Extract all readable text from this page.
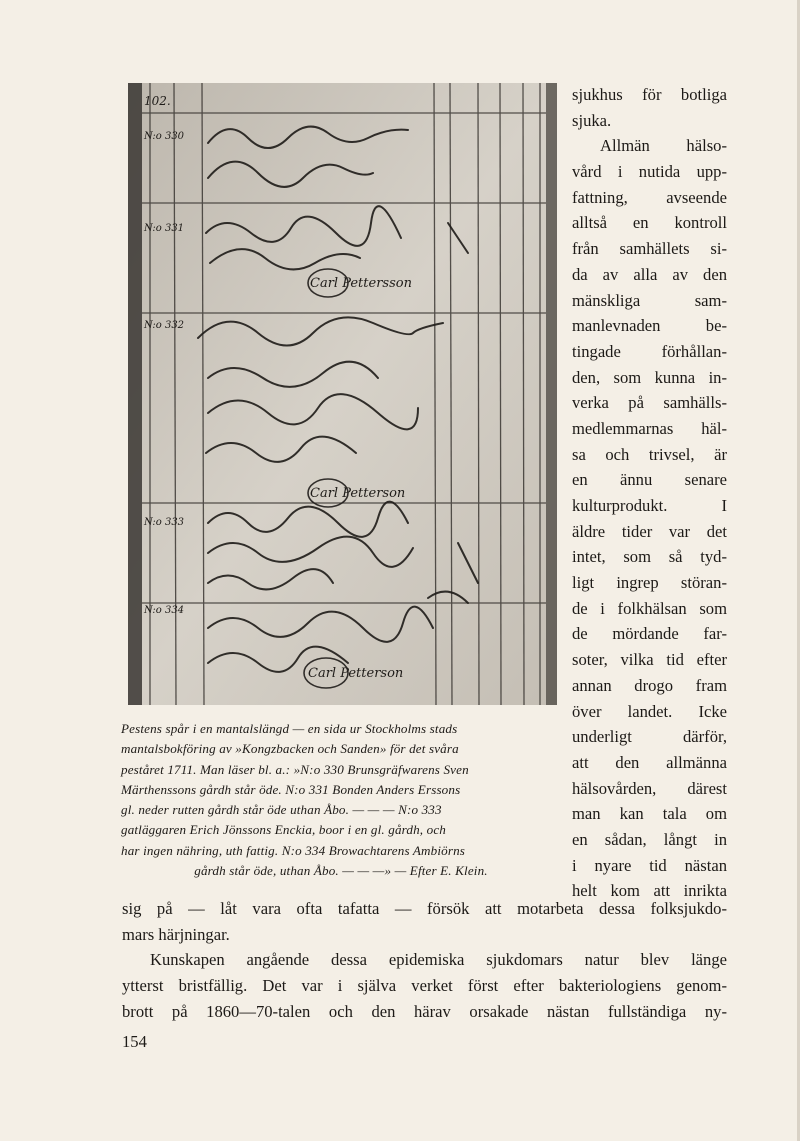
102.
N:o 330
N:o 331
N:o 332
N:o 333
N:o 334
Carl Pettersson
Carl Petterson
Carl Petterson
Pestens spår i en mantalslängd — en sida ur Stockholms stads
mantalsbokföring av »Kongzbacken och Sanden» för det svåra
peståret 1711. Man läser bl. a.: »N:o 330 Brunsgräfwarens Sven
Märthenssons gårdh står öde. N:o 331 Bonden Anders Erssons
gl. neder rutten gårdh står öde uthan Åbo. — — — N:o 333
gatläggaren Erich Jönssons Enckia, boor i en gl. gårdh, och
har ingen nähring, uth fattig. N:o 334 Browachtarens Ambiörns
gårdh står öde, uthan Åbo. — — —» — Efter E. Klein.
sjukhus för botliga
sjuka.
Allmän hälso-
vård i nutida upp-
fattning, avseende
alltså en kontroll
från samhällets si-
da av alla av den
mänskliga sam-
manlevnaden be-
tingade förhållan-
den, som kunna in-
verka på samhälls-
medlemmarnas häl-
sa och trivsel, är
en ännu senare
kulturprodukt. I
äldre tider var det
intet, som så tyd-
ligt ingrep störan-
de i folkhälsan som
de mördande far-
soter, vilka tid efter
annan drogo fram
över landet. Icke
underligt därför,
att den allmänna
hälsovården, därest
man kan tala om
en sådan, långt in
i nyare tid nästan
helt kom att inrikta
sig på — låt vara ofta tafatta — försök att motarbeta dessa folksjukdo-
mars härjningar.
Kunskapen angående dessa epidemiska sjukdomars natur blev länge
ytterst bristfällig. Det var i själva verket först efter bakteriologiens genom-
brott på 1860—70-talen och den härav orsakade nästan fullständiga ny-
154
